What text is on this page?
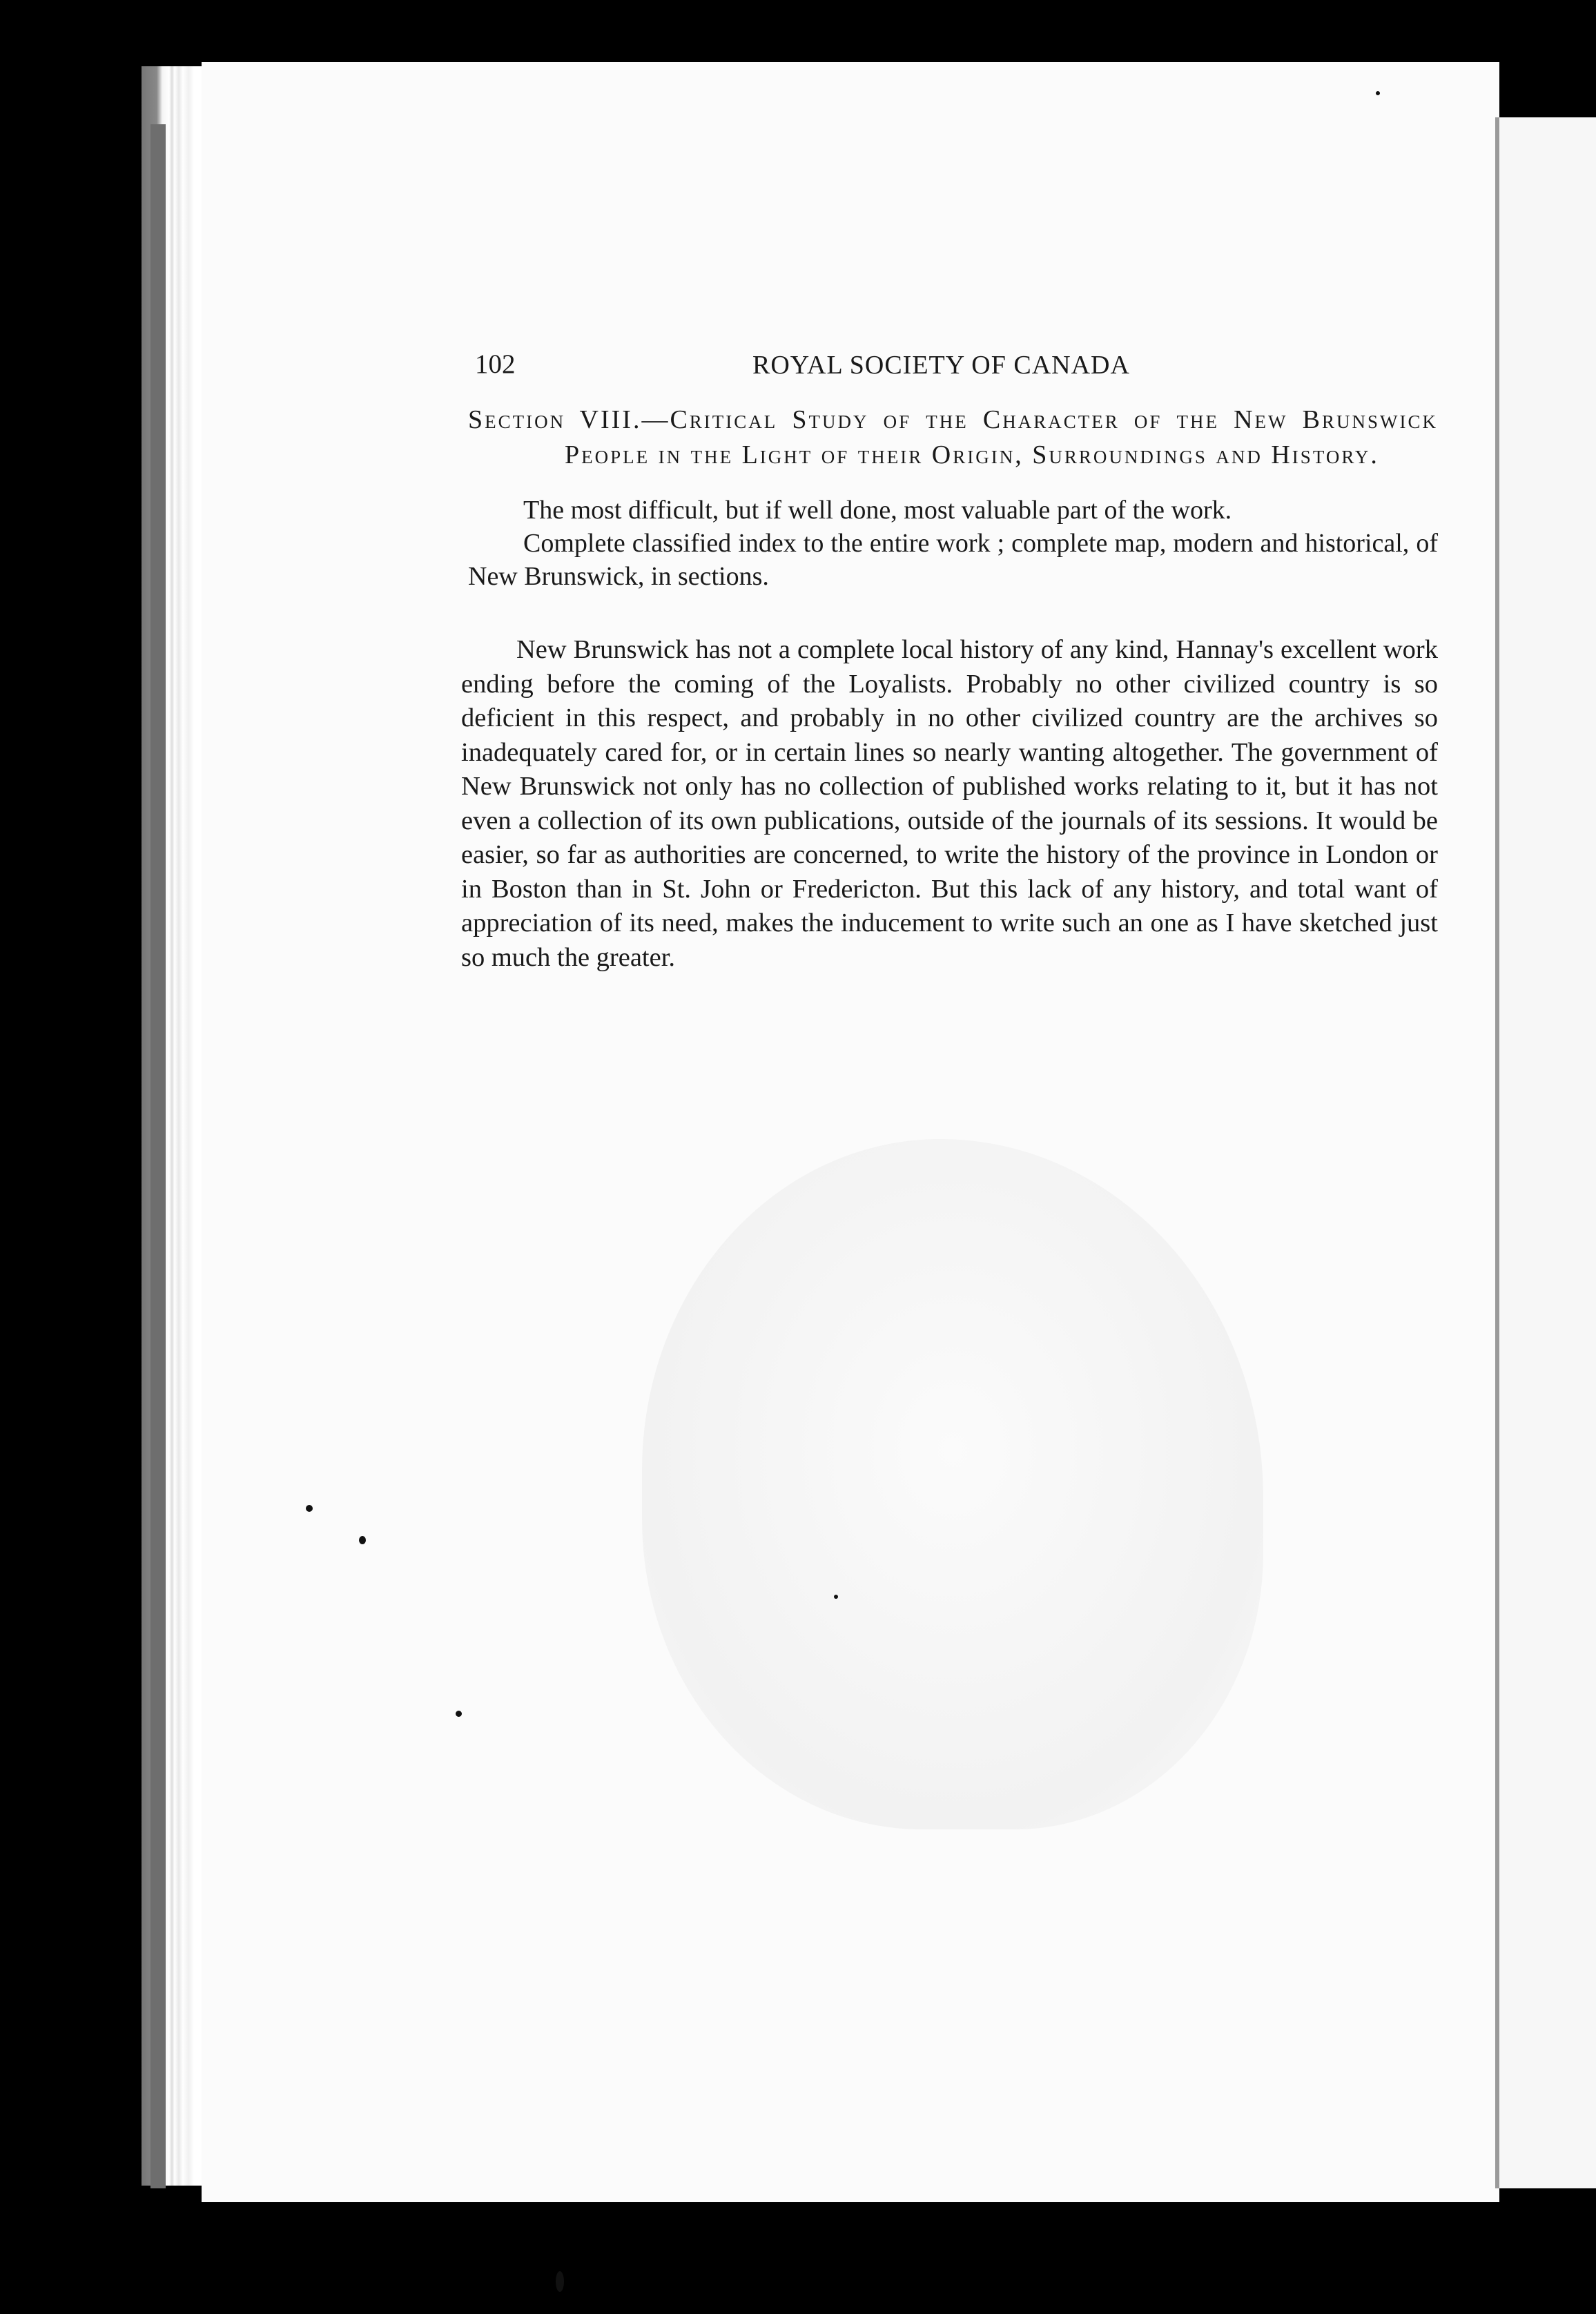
102	ROYAL SOCIETY OF CANADA
Section VIII.—Critical Study of the Character of the New Brunswick People in the Light of their Origin, Surroundings and History.

The most difficult, but if well done, most valuable part of the work.

Complete classified index to the entire work ; complete map, modern and historical, of New Brunswick, in sections.

New Brunswick has not a complete local history of any kind, Hannay's excellent work ending before the coming of the Loyalists. Probably no other civilized country is so deficient in this respect, and probably in no other civilized country are the archives so inadequately cared for, or in certain lines so nearly wanting altogether. The government of New Brunswick not only has no collection of published works relating to it, but it has not even a collection of its own publications, outside of the journals of its sessions. It would be easier, so far as authorities are concerned, to write the history of the province in London or in Boston than in St. John or Fredericton. But this lack of any history, and total want of appreciation of its need, makes the inducement to write such an one as I have sketched just so much the greater.
